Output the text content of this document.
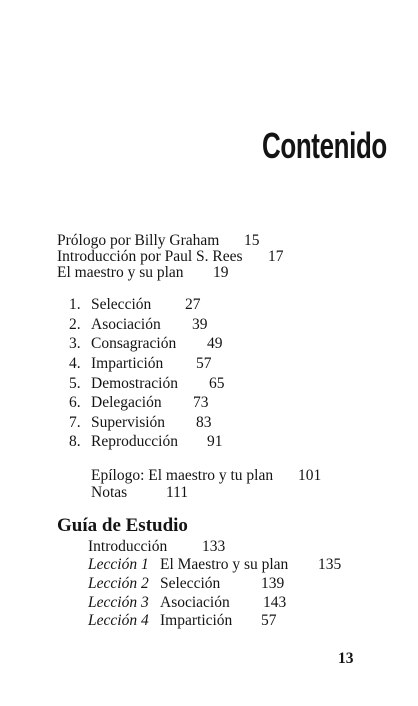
Contenido
Prólogo por Billy Graham 15
Introducción por Paul S. Rees 17
El maestro y su plan 19
1. Selección 27
2. Asociación 39
3. Consagración 49
4. Impartición 57
5. Demostración 65
6. Delegación 73
7. Supervisión 83
8. Reproducción 91
Epílogo: El maestro y tu plan 101
Notas	111
Guía de Estudio
Introducción 133
Lección 1 El Maestro y su plan 135
Lección 2 Selección	139
Lección 3 Asociación 143
Lección 4 Impartición 57
13
